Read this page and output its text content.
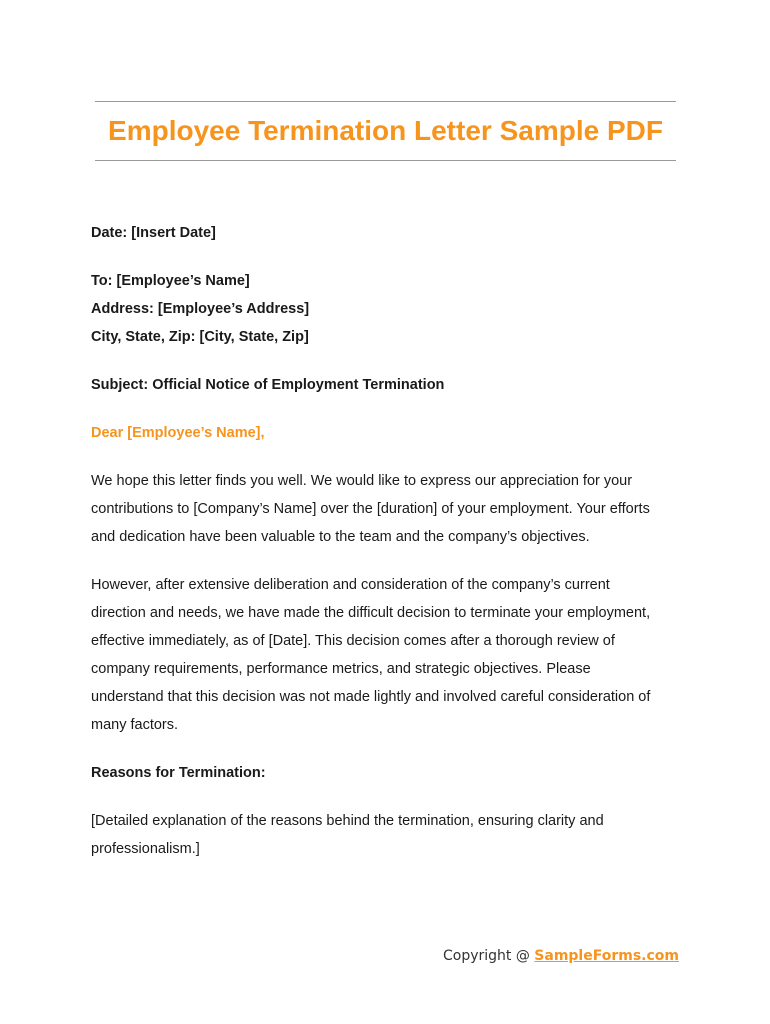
Employee Termination Letter Sample PDF
Date: [Insert Date]
To: [Employee’s Name]
Address: [Employee’s Address]
City, State, Zip: [City, State, Zip]
Subject: Official Notice of Employment Termination
Dear [Employee’s Name],
We hope this letter finds you well. We would like to express our appreciation for your
contributions to [Company’s Name] over the [duration] of your employment. Your efforts
and dedication have been valuable to the team and the company’s objectives.
However, after extensive deliberation and consideration of the company’s current
direction and needs, we have made the difficult decision to terminate your employment,
effective immediately, as of [Date]. This decision comes after a thorough review of
company requirements, performance metrics, and strategic objectives. Please
understand that this decision was not made lightly and involved careful consideration of
many factors.
Reasons for Termination:
[Detailed explanation of the reasons behind the termination, ensuring clarity and
professionalism.]
Copyright @ SampleForms.com
